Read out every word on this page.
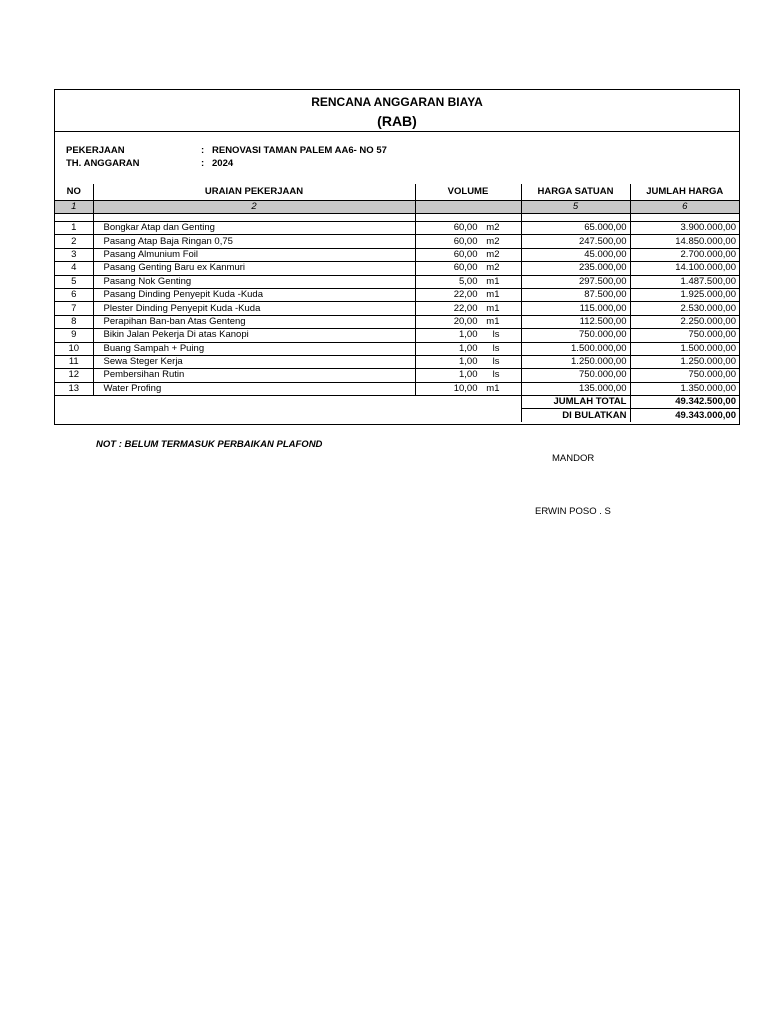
RENCANA ANGGARAN BIAYA
(RAB)
PEKERJAAN	: RENOVASI TAMAN PALEM AA6- NO 57
TH. ANGGARAN	: 2024
NO	URAIAN PEKERJAAN	VOLUME	HARGA SATUAN	JUMLAH HARGA
1	2		5	6

1	Bongkar Atap dan Genting	60,00 m2	65.000,00	3.900.000,00
2	Pasang Atap Baja Ringan 0,75	60,00 m2	247.500,00	14.850.000,00
3	Pasang Almunium Foil	60,00 m2	45.000,00	2.700.000,00
4	Pasang Genting Baru ex Kanmuri	60,00 m2	235.000,00	14.100.000,00
5	Pasang Nok Genting	5,00 m1	297.500,00	1.487.500,00
6	Pasang Dinding Penyepit Kuda -Kuda	22,00 m1	87.500,00	1.925.000,00
7	Plester Dinding Penyepit Kuda -Kuda	22,00 m1	115.000,00	2.530.000,00
8	Perapihan Ban-ban Atas Genteng	20,00 m1	112.500,00	2.250.000,00
9	Bikin Jalan Pekerja Di atas Kanopi	1,00 ls	750.000,00	750.000,00
10	Buang Sampah + Puing	1,00 ls	1.500.000,00	1.500.000,00
11	Sewa Steger Kerja	1,00 ls	1.250.000,00	1.250.000,00
12	Pembersihan Rutin	1,00 ls	750.000,00	750.000,00
13	Water Profing	10,00 m1	135.000,00	1.350.000,00
			JUMLAH TOTAL	49.342.500,00
			DI BULATKAN	49.343.000,00
NOT : BELUM TERMASUK PERBAIKAN PLAFOND
MANDOR
ERWIN POSO . S
